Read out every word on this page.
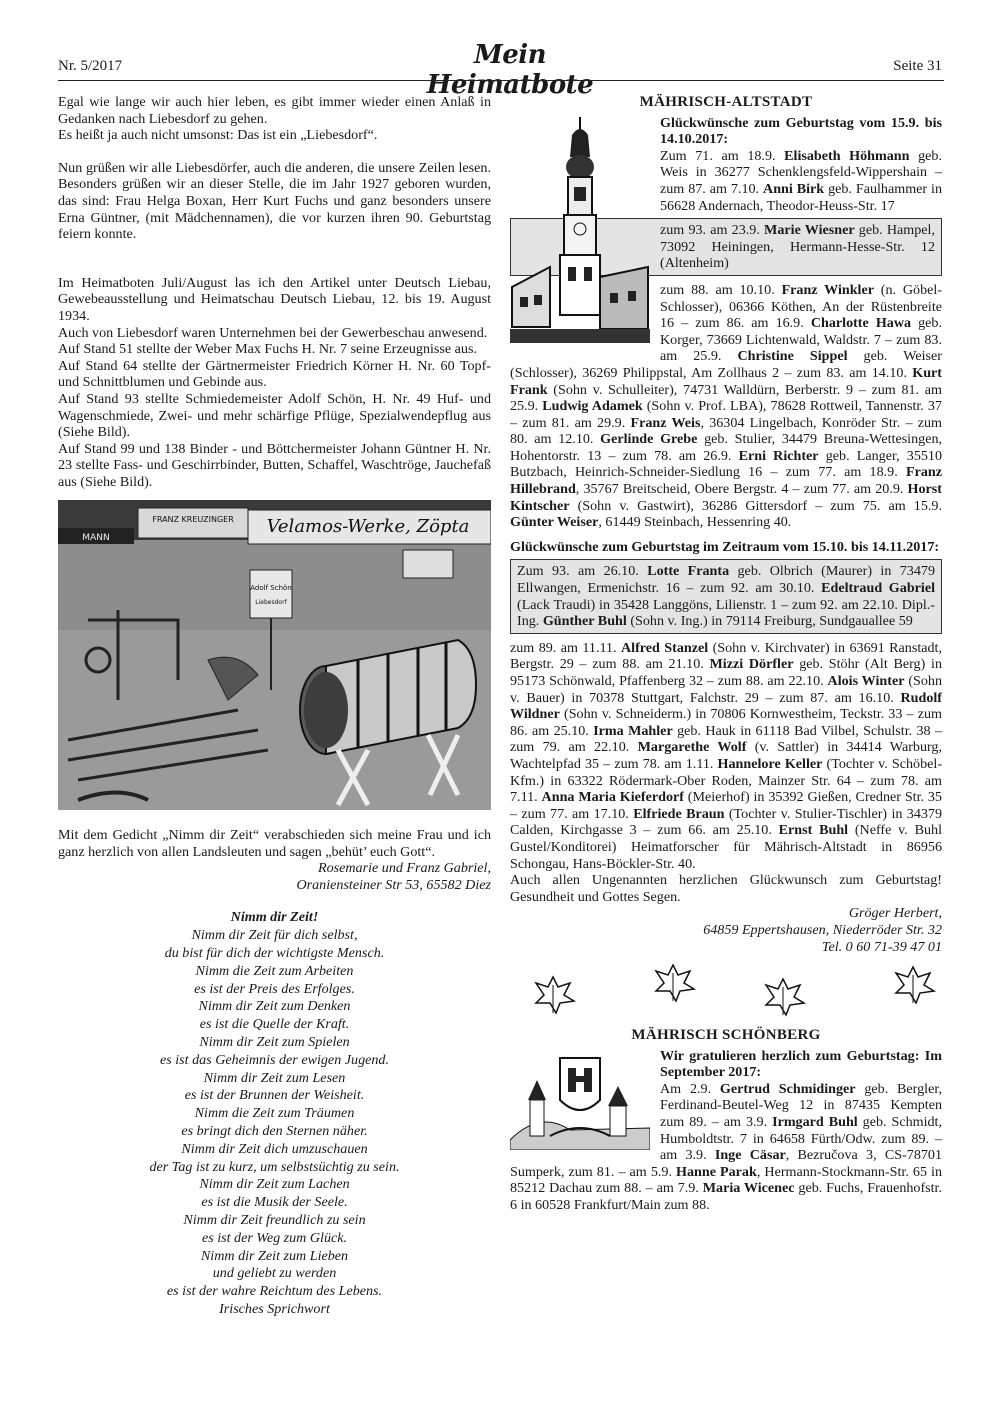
Nr. 5/2017	Mein Heimatbote
Seite 31

Egal wie lange wir auch hier leben, es gibt immer wieder einen Anlaß in Gedanken nach Liebesdorf zu gehen.

Es heißt ja auch nicht umsonst: Das ist ein „Liebesdorf“.

Nun grüßen wir alle Liebesdörfer, auch die anderen, die unsere Zeilen lesen. Besonders grüßen wir an dieser Stelle, die im Jahr 1927 geboren wurden, das sind: Frau Helga Boxan, Herr Kurt Fuchs und ganz besonders unsere Erna Güntner, (mit Mädchennamen), die vor kurzen ihren 90. Geburtstag feiern konnte.

Im Heimatboten Juli/August las ich den Artikel unter Deutsch Liebau, Gewebeausstellung und Heimatschau Deutsch Liebau, 12. bis 19. August 1934.

Auch von Liebesdorf waren Unternehmen bei der Gewerbeschau anwesend.

Auf Stand 51 stellte der Weber Max Fuchs H. Nr. 7 seine Erzeugnisse aus.

Auf Stand 64 stellte der Gärtnermeister Friedrich Körner H. Nr. 60 Topf- und Schnittblumen und Gebinde aus.

Auf Stand 93 stellte Schmiedemeister Adolf Schön, H. Nr. 49 Huf- und Wagenschmiede, Zwei- und mehr schärfige Pflüge, Spezialwendepflug aus (Siehe Bild).

Auf Stand 99 und 138 Binder - und Böttchermeister Johann Güntner H. Nr. 23 stellte Fass- und Geschirrbinder, Butten, Schaffel, Waschtröge, Jauchefaß aus (Siehe Bild).

FRANZ KREUZINGER Velamos-Werke, Zöpta
MANN
Adolf Schön
Liebesdorf

Mit dem Gedicht „Nimm dir Zeit“ verabschieden sich meine Frau und ich ganz herzlich von allen Landsleuten und sagen „behüt’ euch Gott“.

Rosemarie und Franz Gabriel,

Oranienstеiner Str 53, 65582 Diez

Nimm dir Zeit!
Nimm dir Zeit für dich selbst,
du bist für dich der wichtigste Mensch.
Nimm die Zeit zum Arbeiten
es ist der Preis des Erfolges.
Nimm dir Zeit zum Denken
es ist die Quelle der Kraft.
Nimm dir Zeit zum Spielen
es ist das Geheimnis der ewigen Jugend.
Nimm dir Zeit zum Lesen
es ist der Brunnen der Weisheit.
Nimm die Zeit zum Träumen
es bringt dich den Sternen näher.
Nimm dir Zeit dich umzuschauen
der Tag ist zu kurz, um selbstsüchtig zu sein.
Nimm dir Zeit zum Lachen
es ist die Musik der Seele.
Nimm dir Zeit freundlich zu sein
es ist der Weg zum Glück.
Nimm dir Zeit zum Lieben
und geliebt zu werden
es ist der wahre Reichtum des Lebens.
Irisches Sprichwort
MÄHRISCH-ALTSTADT

Glückwünsche zum Geburtstag vom 15.9. bis 14.10.2017:

Zum 71. am 18.9. Elisabeth Höhmann geb. Weis in 36277 Schenklengsfeld-Wippershain – zum 87. am 7.10. Anni Birk geb. Faulhammer in 56628 Andernach, Theodor-Heuss-Str. 17

zum 93. am 23.9. Marie Wiesner geb. Hampel, 73092 Heiningen, Hermann-Hesse-Str. 12 (Altenheim)

zum 88. am 10.10. Franz Winkler (n. Göbel-Schlosser), 06366 Köthen, An der Rüstenbreite 16 – zum 86. am 16.9. Charlotte Hawa geb. Korger, 73669 Lichtenwald, Waldstr. 7 – zum 83. am 25.9. Christine Sippel geb. Weiser (Schlosser), 36269 Philippstal, Am Zollhaus 2 – zum 83. am 14.10. Kurt Frank (Sohn v. Schulleiter), 74731 Walldürn, Berberstr. 9 – zum 81. am 25.9. Ludwig Adamek (Sohn v. Prof. LBA), 78628 Rottweil, Tannenstr. 37 – zum 81. am 29.9. Franz Weis, 36304 Lingelbach, Konröder Str. – zum 80. am 12.10. Gerlinde Grebe geb. Stulier, 34479 Breuna-Wettesingen, Hohentorstr. 13 – zum 78. am 26.9. Erni Richter geb. Langer, 35510 Butzbach, Heinrich-Schneider-Siedlung 16 – zum 77. am 18.9. Franz Hillebrand, 35767 Breitscheid, Obere Bergstr. 4 – zum 77. am 20.9. Horst Kintscher (Sohn v. Gastwirt), 36286 Gittersdorf – zum 75. am 15.9. Günter Weiser, 61449 Steinbach, Hessenring 40.

Glückwünsche zum Geburtstag im Zeitraum vom 15.10. bis 14.11.2017:

Zum 93. am 26.10. Lotte Franta geb. Olbrich (Maurer) in 73479 Ellwangen, Ermenichstr. 16 – zum 92. am 30.10. Edeltraud Gabriel (Lack Traudi) in 35428 Langgöns, Lilienstr. 1 – zum 92. am 22.10. Dipl.-Ing. Günther Buhl (Sohn v. Ing.) in 79114 Freiburg, Sundgauallee 59

zum 89. am 11.11. Alfred Stanzel (Sohn v. Kirchvater) in 63691 Ranstadt, Bergstr. 29 – zum 88. am 21.10. Mizzi Dörfler geb. Stöhr (Alt Berg) in 95173 Schönwald, Pfaffenberg 32 – zum 88. am 22.10. Alois Winter (Sohn v. Bauer) in 70378 Stuttgart, Falchstr. 29 – zum 87. am 16.10. Rudolf Wildner (Sohn v. Schneiderm.) in 70806 Kornwestheim, Teckstr. 33 – zum 86. am 25.10. Irma Mahler geb. Hauk in 61118 Bad Vilbel, Schulstr. 38 – zum 79. am 22.10. Margarethe Wolf (v. Sattler) in 34414 Warburg, Wachtelpfad 35 – zum 78. am 1.11. Hannelore Keller (Tochter v. Schöbel-Kfm.) in 63322 Rödermark-Ober Roden, Mainzer Str. 64 – zum 78. am 7.11. Anna Maria Kieferdorf (Meierhof) in 35392 Gießen, Credner Str. 35 – zum 77. am 17.10. Elfriede Braun (Tochter v. Stulier-Tischler) in 34379 Calden, Kirchgasse 3 – zum 66. am 25.10. Ernst Buhl (Neffe v. Buhl Gustel/Konditorei) Heimatforscher für Mährisch-Altstadt in 86956 Schongau, Hans-Böckler-Str. 40.

Auch allen Ungenannten herzlichen Glückwunsch zum Geburtstag! Gesundheit und Gottes Segen.

Gröger Herbert,

64859 Eppertshausen, Niederröder Str. 32

Tel. 0 60 71-39 47 01

MÄHRISCH SCHÖNBERG

Wir gratulieren herzlich zum Geburtstag: Im September 2017:

Am 2.9. Gertrud Schmidinger geb. Bergler, Ferdinand-Beutel-Weg 12 in 87435 Kempten zum 89. – am 3.9. Irmgard Buhl geb. Schmidt, Humboldtstr. 7 in 64658 Fürth/Odw. zum 89. – am 3.9. Inge Cäsar, Bezručova 3, CS-78701 Sumperk, zum 81. – am 5.9. Hanne Parak, Hermann-Stockmann-Str. 65 in 85212 Dachau zum 88. – am 7.9. Maria Wicenec geb. Fuchs, Frauenhofstr. 6 in 60528 Frankfurt/Main zum 88.
